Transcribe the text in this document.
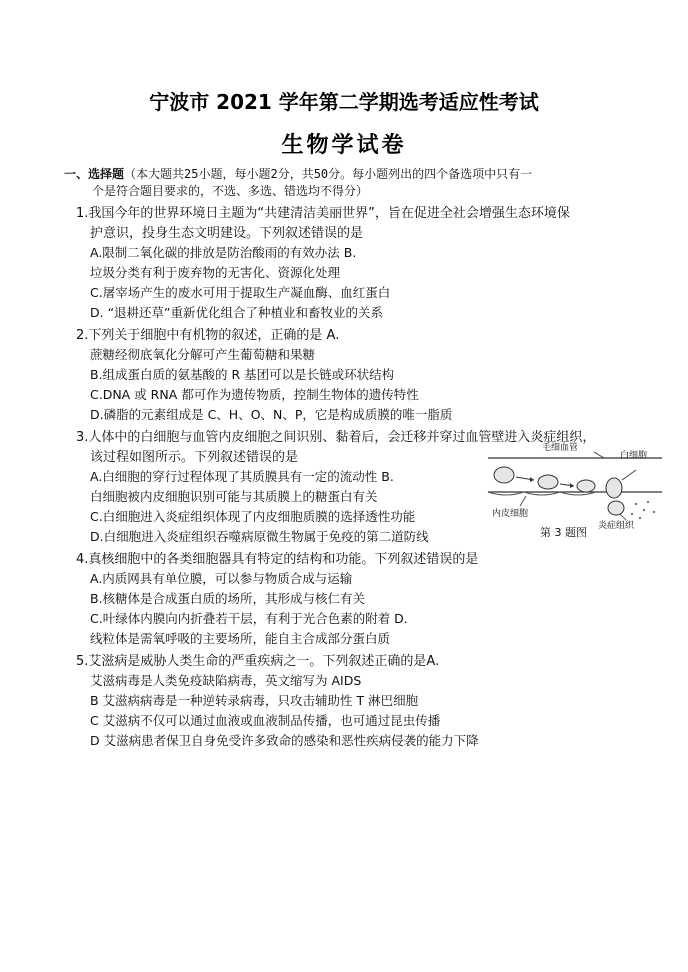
宁波市 2021 学年第二学期选考适应性考试
生物学试卷
一、选择题（本大题共25小题，每小题2分，共50分。每小题列出的四个备选项中只有一
个是符合题目要求的，不选、多选、错选均不得分）
1.我国今年的世界环境日主题为“共建清洁美丽世界”，旨在促进全社会增强生态环境保
护意识，投身生态文明建设。下列叙述错误的是
A.限制二氧化碳的排放是防治酸雨的有效办法 B.
垃圾分类有利于废弃物的无害化、资源化处理
C.屠宰场产生的废水可用于提取生产凝血酶、血红蛋白
D. “退耕还草”重新优化组合了种植业和畜牧业的关系
2.下列关于细胞中有机物的叙述，正确的是 A.
蔗糖经彻底氧化分解可产生葡萄糖和果糖
B.组成蛋白质的氨基酸的 R 基团可以是长链或环状结构
C.DNA 或 RNA 都可作为遗传物质，控制生物体的遗传特性
D.磷脂的元素组成是 C、H、O、N、P，它是构成质膜的唯一脂质
3.人体中的白细胞与血管内皮细胞之间识别、黏着后，会迁移并穿过血管壁进入炎症组织，
该过程如图所示。下列叙述错误的是
A.白细胞的穿行过程体现了其质膜具有一定的流动性 B.
白细胞被内皮细胞识别可能与其质膜上的糖蛋白有关
C.白细胞进入炎症组织体现了内皮细胞质膜的选择透性功能
D.白细胞进入炎症组织吞噬病原微生物属于免疫的第二道防线
毛细血管
白细胞
内皮细胞
炎症组织
第 3 题图
4.真核细胞中的各类细胞器具有特定的结构和功能。下列叙述错误的是
A.内质网具有单位膜，可以参与物质合成与运输
B.核糖体是合成蛋白质的场所，其形成与核仁有关
C.叶绿体内膜向内折叠若干层，有利于光合色素的附着 D.
线粒体是需氧呼吸的主要场所，能自主合成部分蛋白质
5.艾滋病是威胁人类生命的严重疾病之一。下列叙述正确的是A.
艾滋病毒是人类免疫缺陷病毒，英文缩写为 AIDS
B 艾滋病病毒是一种逆转录病毒，只攻击辅助性 T 淋巴细胞
C 艾滋病不仅可以通过血液或血液制品传播，也可通过昆虫传播
D 艾滋病患者保卫自身免受许多致命的感染和恶性疾病侵袭的能力下降
